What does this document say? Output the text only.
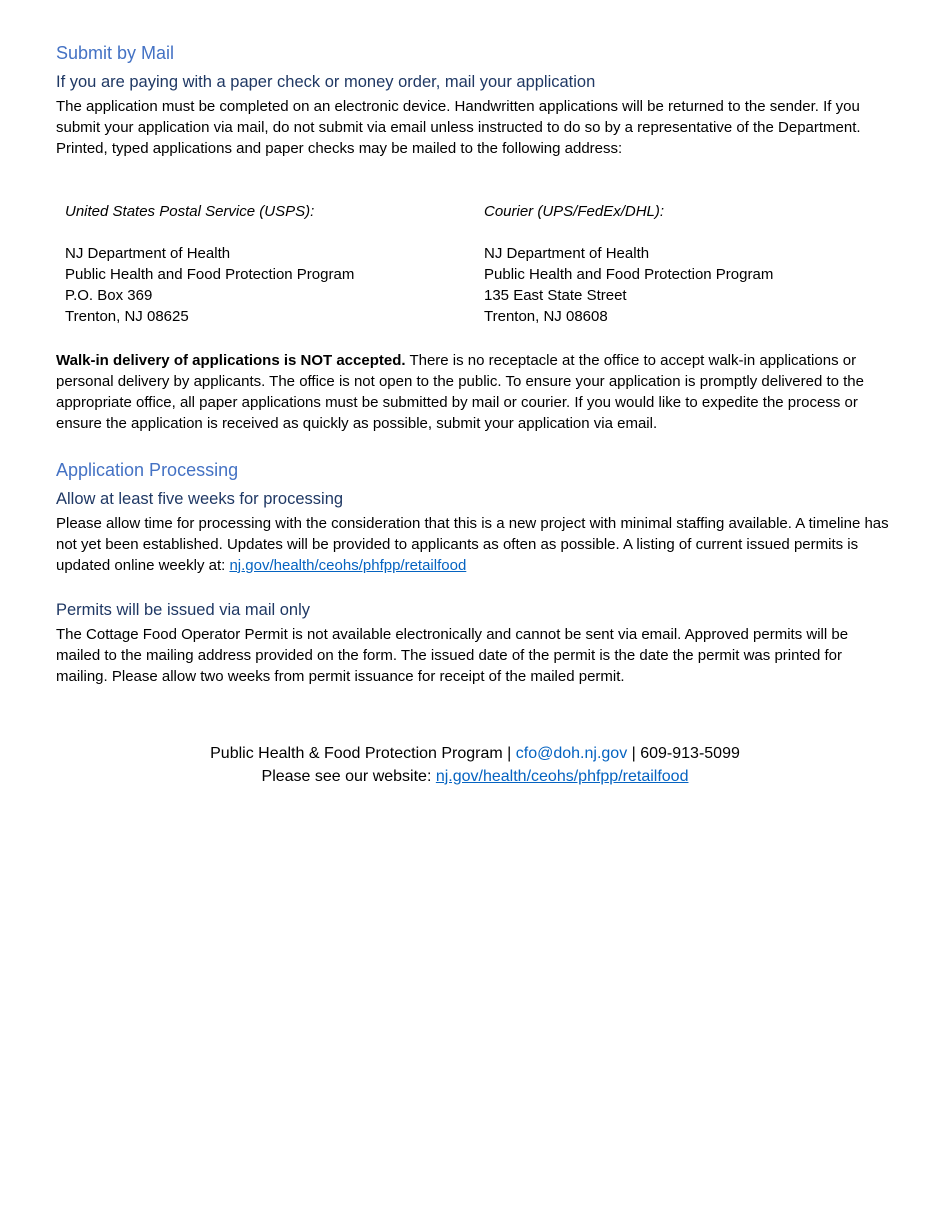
Submit by Mail
If you are paying with a paper check or money order, mail your application

The application must be completed on an electronic device. Handwritten applications will be returned to the sender. If you submit your application via mail, do not submit via email unless instructed to do so by a representative of the Department. Printed, typed applications and paper checks may be mailed to the following address:

United States Postal Service (USPS):
NJ Department of Health
Public Health and Food Protection Program
P.O. Box 369
Trenton, NJ 08625
Courier (UPS/FedEx/DHL):
NJ Department of Health
Public Health and Food Protection Program
135 East State Street
Trenton, NJ 08608

Walk-in delivery of applications is NOT accepted. There is no receptacle at the office to accept walk-in applications or personal delivery by applicants. The office is not open to the public. To ensure your application is promptly delivered to the appropriate office, all paper applications must be submitted by mail or courier. If you would like to expedite the process or ensure the application is received as quickly as possible, submit your application via email.

Application Processing
Allow at least five weeks for processing

Please allow time for processing with the consideration that this is a new project with minimal staffing available. A timeline has not yet been established. Updates will be provided to applicants as often as possible. A listing of current issued permits is updated online weekly at: nj.gov/health/ceohs/phfpp/retailfood

Permits will be issued via mail only

The Cottage Food Operator Permit is not available electronically and cannot be sent via email. Approved permits will be mailed to the mailing address provided on the form. The issued date of the permit is the date the permit was printed for mailing. Please allow two weeks from permit issuance for receipt of the mailed permit.

Public Health & Food Protection Program | cfo@doh.nj.gov | 609-913-5099
Please see our website: nj.gov/health/ceohs/phfpp/retailfood
